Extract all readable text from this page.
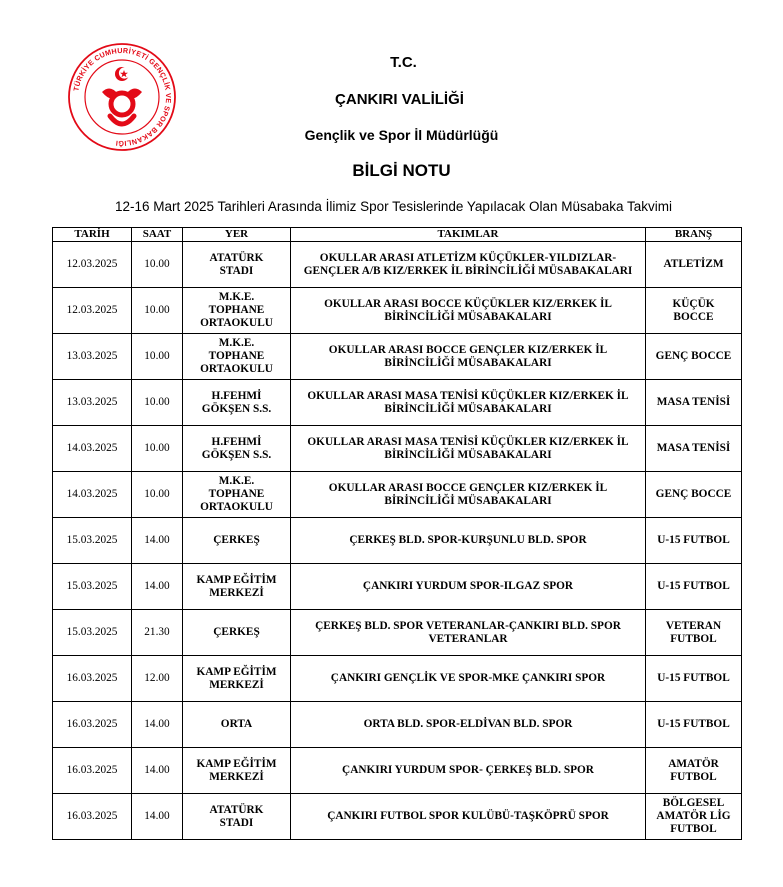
TÜRKİYE CUMHURİYETİ GENÇLİK VE SPOR BAKANLIĞI
T.C.
ÇANKIRI VALİLİĞİ
Gençlik ve Spor İl Müdürlüğü
BİLGİ NOTU
12-16 Mart 2025 Tarihleri Arasında İlimiz Spor Tesislerinde Yapılacak Olan Müsabaka Takvimi
TARİH	SAAT	YER	TAKIMLAR	BRANŞ
12.03.2025	10.00	ATATÜRK
STADI	OKULLAR ARASI ATLETİZM KÜÇÜKLER-YILDIZLAR-
GENÇLER A/B KIZ/ERKEK İL BİRİNCİLİĞİ MÜSABAKALARI	ATLETİZM

12.03.2025	10.00	M.K.E.
TOPHANE
ORTAOKULU	OKULLAR ARASI BOCCE KÜÇÜKLER KIZ/ERKEK İL
BİRİNCİLİĞİ MÜSABAKALARI	KÜÇÜK
BOCCE

13.03.2025	10.00	M.K.E.
TOPHANE
ORTAOKULU	OKULLAR ARASI BOCCE GENÇLER KIZ/ERKEK İL
BİRİNCİLİĞİ MÜSABAKALARI	GENÇ BOCCE

13.03.2025	10.00	H.FEHMİ
GÖKŞEN S.S.	OKULLAR ARASI MASA TENİSİ KÜÇÜKLER KIZ/ERKEK İL
BİRİNCİLİĞİ MÜSABAKALARI	MASA TENİSİ

14.03.2025	10.00	H.FEHMİ
GÖKŞEN S.S.	OKULLAR ARASI MASA TENİSİ KÜÇÜKLER KIZ/ERKEK İL
BİRİNCİLİĞİ MÜSABAKALARI	MASA TENİSİ

14.03.2025	10.00	M.K.E.
TOPHANE
ORTAOKULU	OKULLAR ARASI BOCCE GENÇLER KIZ/ERKEK İL
BİRİNCİLİĞİ MÜSABAKALARI	GENÇ BOCCE

15.03.2025	14.00	ÇERKEŞ	ÇERKEŞ BLD. SPOR-KURŞUNLU BLD. SPOR	U-15 FUTBOL

15.03.2025	14.00	KAMP EĞİTİM
MERKEZİ	ÇANKIRI YURDUM SPOR-ILGAZ SPOR	U-15 FUTBOL

15.03.2025	21.30	ÇERKEŞ	ÇERKEŞ BLD. SPOR VETERANLAR-ÇANKIRI BLD. SPOR
VETERANLAR	VETERAN
FUTBOL

16.03.2025	12.00	KAMP EĞİTİM
MERKEZİ	ÇANKIRI GENÇLİK VE SPOR-MKE ÇANKIRI SPOR	U-15 FUTBOL

16.03.2025	14.00	ORTA	ORTA BLD. SPOR-ELDİVAN BLD. SPOR	U-15 FUTBOL

16.03.2025	14.00	KAMP EĞİTİM
MERKEZİ	ÇANKIRI YURDUM SPOR- ÇERKEŞ BLD. SPOR	AMATÖR
FUTBOL

16.03.2025	14.00	ATATÜRK
STADI	ÇANKIRI FUTBOL SPOR KULÜBÜ-TAŞKÖPRÜ SPOR	BÖLGESEL
AMATÖR LİG
FUTBOL
